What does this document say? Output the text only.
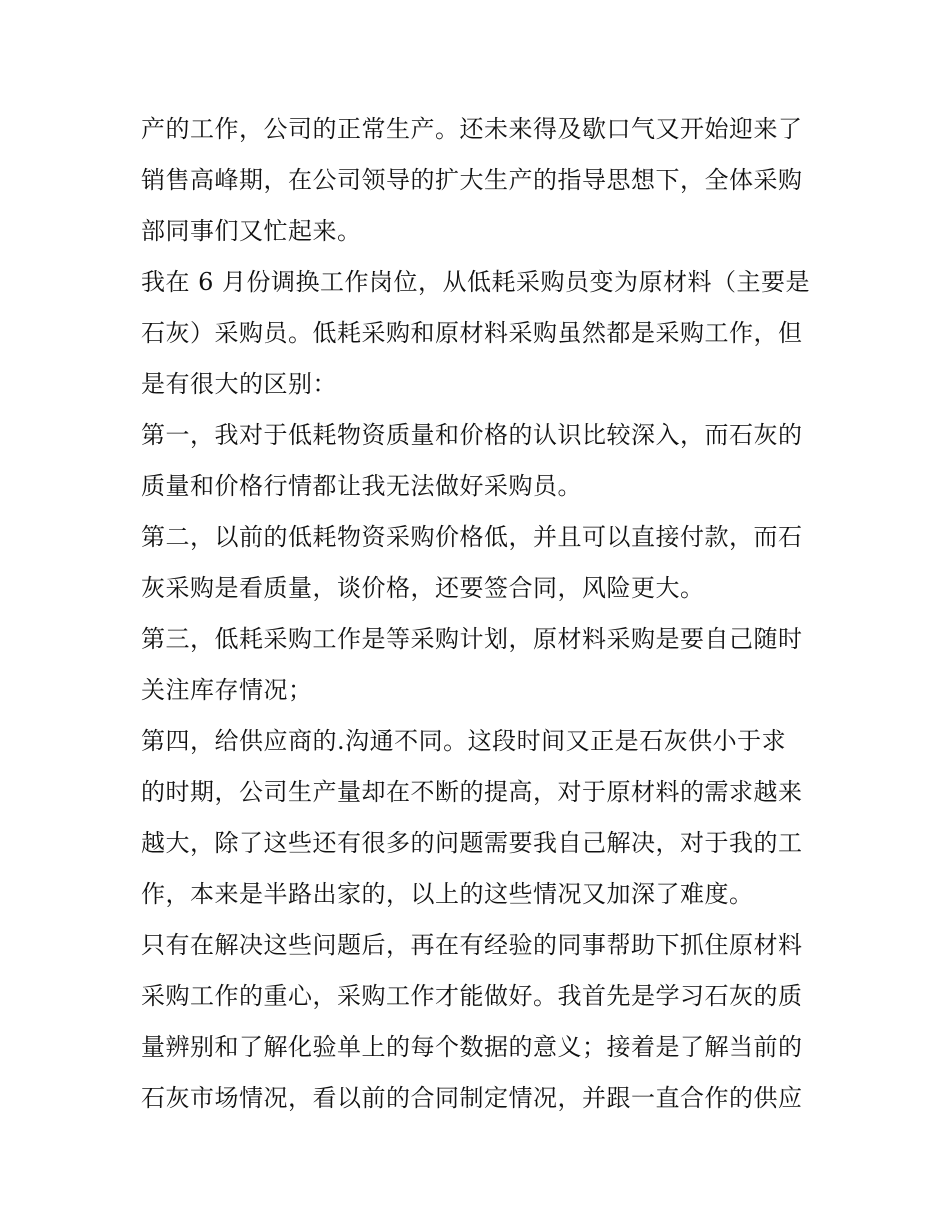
产的工作，公司的正常生产。还未来得及歇口气又开始迎来了
销售高峰期，在公司领导的扩大生产的指导思想下，全体采购
部同事们又忙起来。
我在 6 月份调换工作岗位，从低耗采购员变为原材料（主要是
石灰）采购员。低耗采购和原材料采购虽然都是采购工作，但
是有很大的区别：
第一，我对于低耗物资质量和价格的认识比较深入，而石灰的
质量和价格行情都让我无法做好采购员。
第二，以前的低耗物资采购价格低，并且可以直接付款，而石
灰采购是看质量，谈价格，还要签合同，风险更大。
第三，低耗采购工作是等采购计划，原材料采购是要自己随时
关注库存情况；
第四，给供应商的.沟通不同。这段时间又正是石灰供小于求
的时期，公司生产量却在不断的提高，对于原材料的需求越来
越大，除了这些还有很多的问题需要我自己解决，对于我的工
作，本来是半路出家的，以上的这些情况又加深了难度。
只有在解决这些问题后，再在有经验的同事帮助下抓住原材料
采购工作的重心，采购工作才能做好。我首先是学习石灰的质
量辨别和了解化验单上的每个数据的意义；接着是了解当前的
石灰市场情况，看以前的合同制定情况，并跟一直合作的供应
